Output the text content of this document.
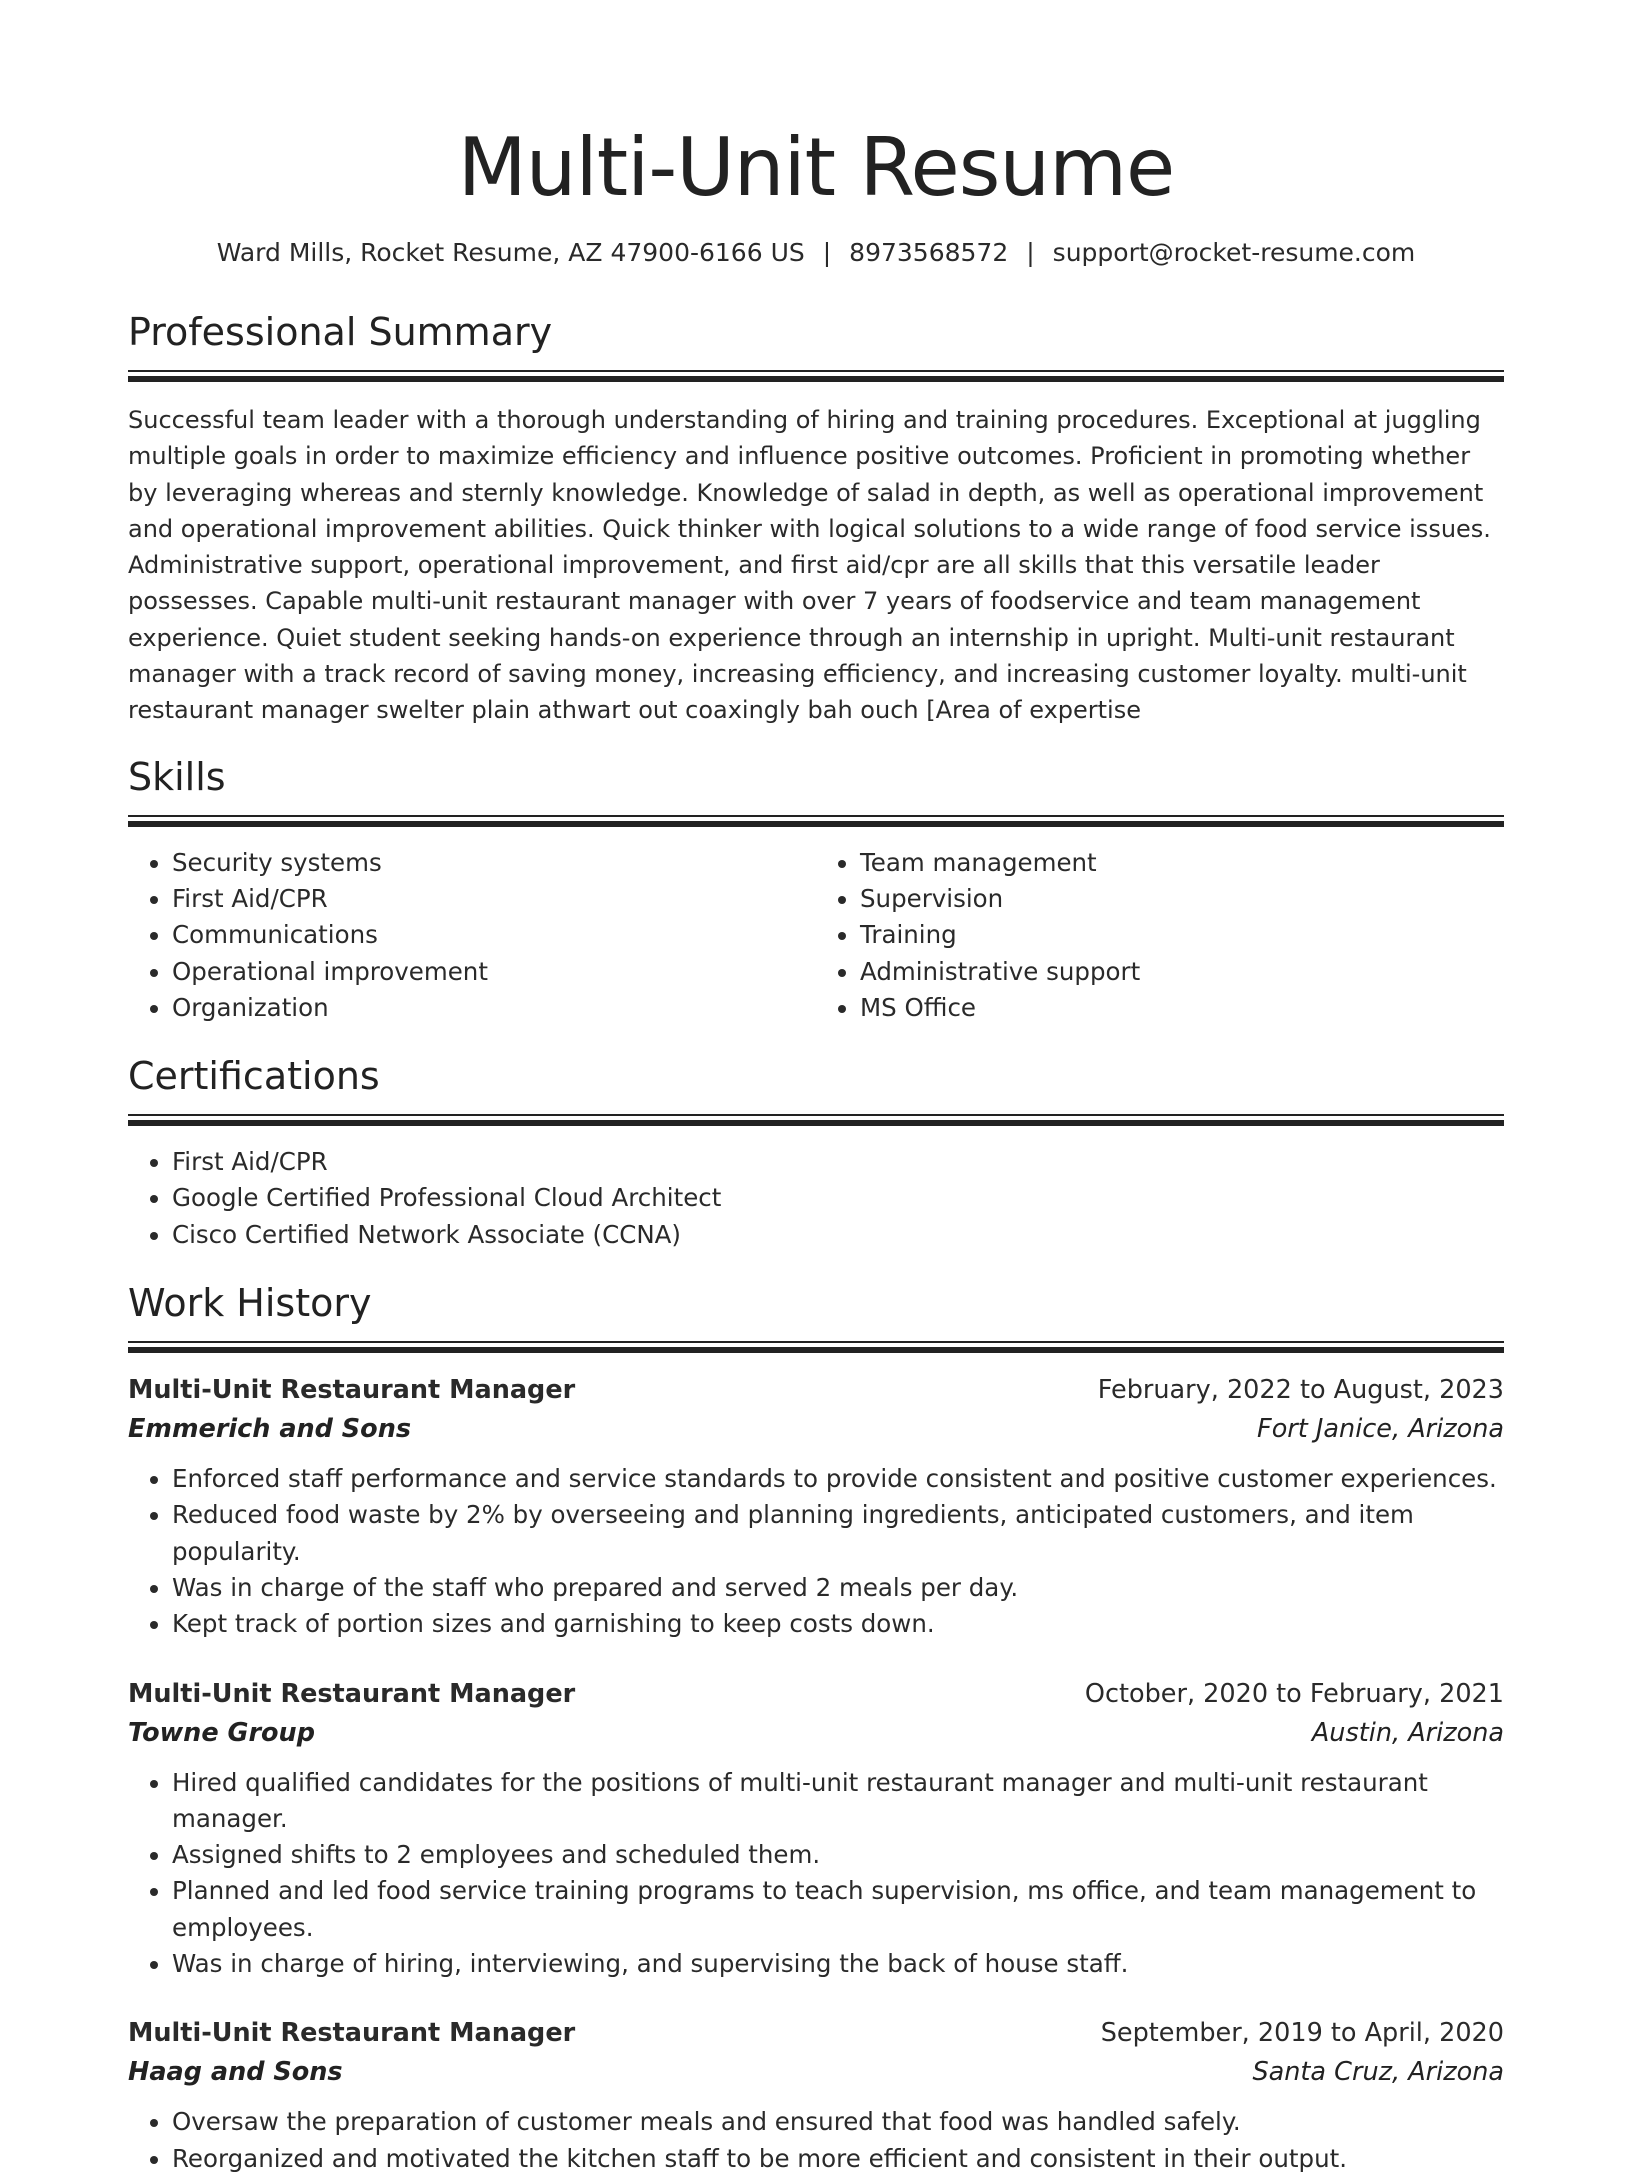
Multi-Unit Resume
Ward Mills, Rocket Resume, AZ 47900-6166 US | 8973568572 | support@rocket-resume.com
Professional Summary

Successful team leader with a thorough understanding of hiring and training procedures. Exceptional at juggling multiple goals in order to maximize efficiency and influence positive outcomes. Proficient in promoting whether by leveraging whereas and sternly knowledge. Knowledge of salad in depth, as well as operational improvement and operational improvement abilities. Quick thinker with logical solutions to a wide range of food service issues. Administrative support, operational improvement, and first aid/cpr are all skills that this versatile leader possesses. Capable multi-unit restaurant manager with over 7 years of foodservice and team management experience. Quiet student seeking hands-on experience through an internship in upright. Multi-unit restaurant manager with a track record of saving money, increasing efficiency, and increasing customer loyalty. multi-unit restaurant manager swelter plain athwart out coaxingly bah ouch [Area of expertise

Skills
• Security systems
• First Aid/CPR
• Communications
• Operational improvement
• Organization
• Team management
• Supervision
• Training
• Administrative support
• MS Office
Certifications
• First Aid/CPR
• Google Certified Professional Cloud Architect
• Cisco Certified Network Associate (CCNA)
Work History
Multi-Unit Restaurant Manager	February, 2022 to August, 2023
Emmerich and Sons	Fort Janice, Arizona
• Enforced staff performance and service standards to provide consistent and positive customer experiences.
• Reduced food waste by 2% by overseeing and planning ingredients, anticipated customers, and item popularity.
• Was in charge of the staff who prepared and served 2 meals per day.
• Kept track of portion sizes and garnishing to keep costs down.
Multi-Unit Restaurant Manager	October, 2020 to February, 2021
Towne Group	Austin, Arizona
• Hired qualified candidates for the positions of multi-unit restaurant manager and multi-unit restaurant manager.
• Assigned shifts to 2 employees and scheduled them.
• Planned and led food service training programs to teach supervision, ms office, and team management to employees.
• Was in charge of hiring, interviewing, and supervising the back of house staff.
Multi-Unit Restaurant Manager	September, 2019 to April, 2020
Haag and Sons	Santa Cruz, Arizona
• Oversaw the preparation of customer meals and ensured that food was handled safely.
• Reorganized and motivated the kitchen staff to be more efficient and consistent in their output.
